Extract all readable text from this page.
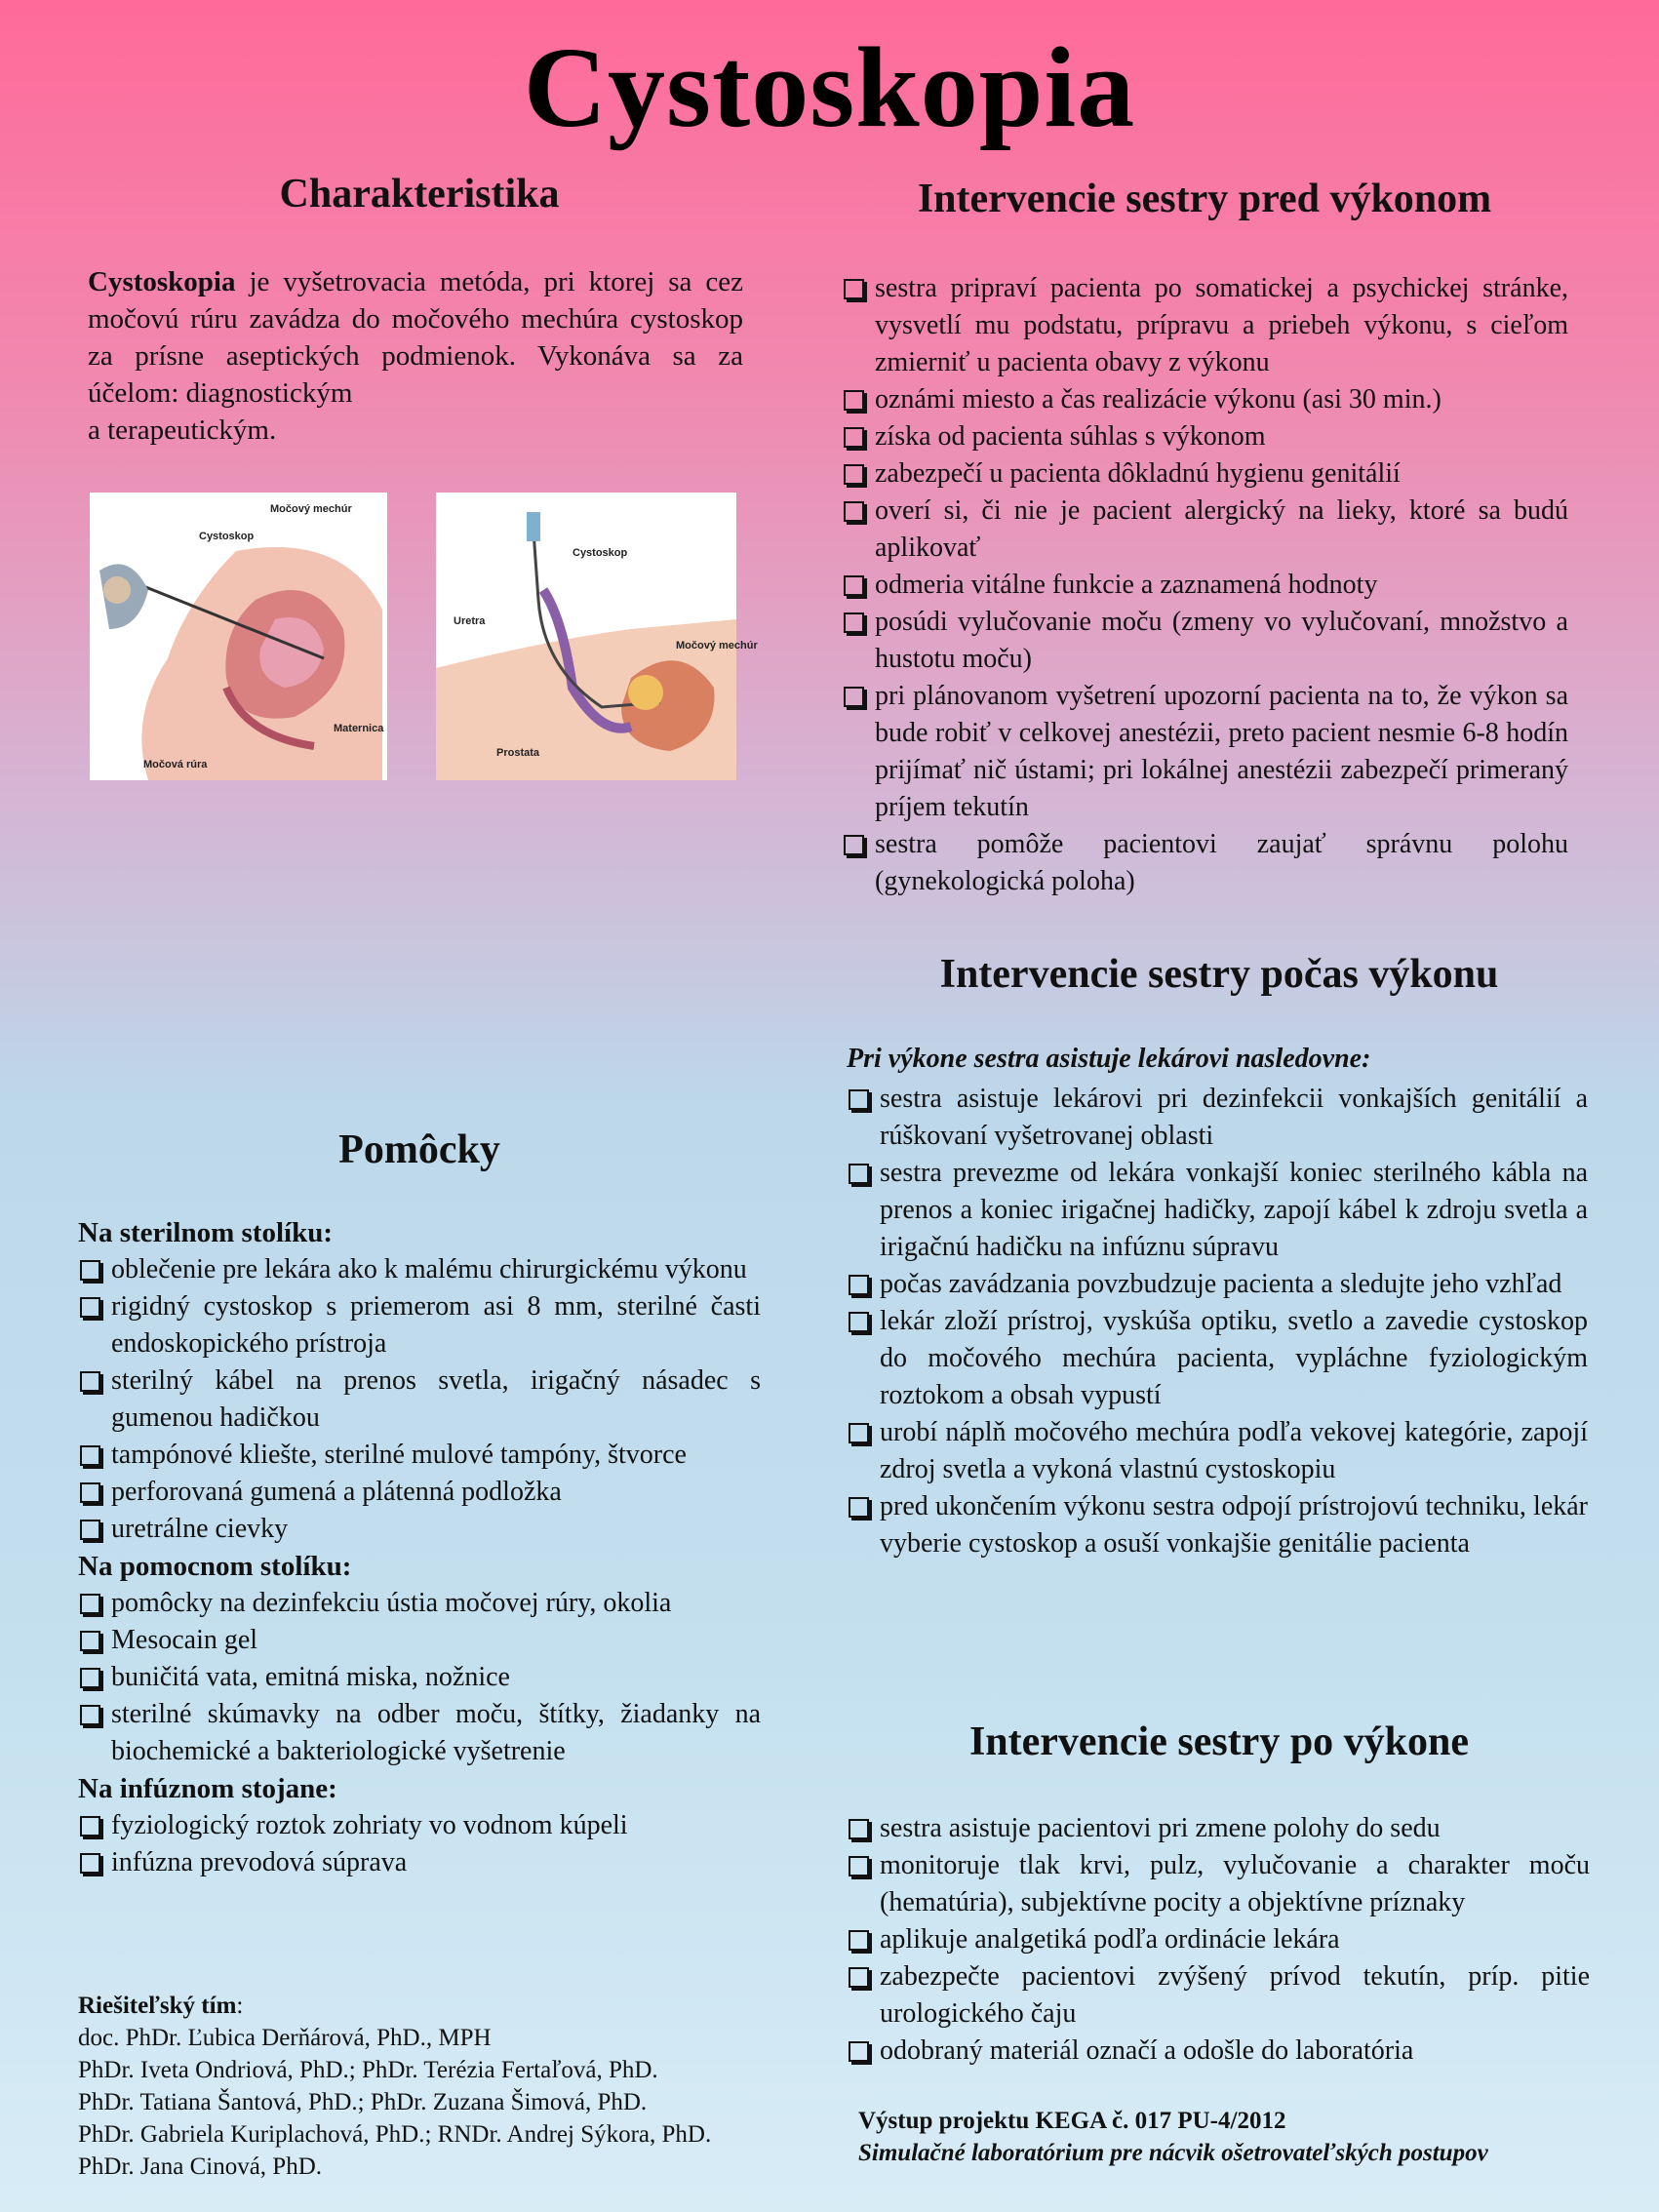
Cystoskopia
Charakteristika
Cystoskopia je vyšetrovacia metóda, pri ktorej sa cez močovú rúru zavádza do močového mechúra cystoskop za prísne aseptických podmienok. Vykonáva sa za účelom: diagnostickým
a terapeutickým.
Močový mechúr
Cystoskop
Maternica
Močová rúra
Cystoskop
Uretra
Močový mechúr
Prostata
Intervencie sestry pred výkonom
sestra pripraví pacienta po somatickej a psychickej stránke, vysvetlí mu podstatu, prípravu a priebeh výkonu, s cieľom zmierniť u pacienta obavy z výkonu
oznámi miesto a čas realizácie výkonu (asi 30 min.)
získa od pacienta súhlas s výkonom
zabezpečí u pacienta dôkladnú hygienu genitálií
overí si, či nie je pacient alergický na lieky, ktoré sa budú aplikovať
odmeria vitálne funkcie a zaznamená hodnoty
posúdi vylučovanie moču (zmeny vo vylučovaní, množstvo a hustotu moču)
pri plánovanom vyšetrení upozorní pacienta na to, že výkon sa bude robiť v celkovej anestézii, preto pacient nesmie 6-8 hodín prijímať nič ústami; pri lokálnej anestézii zabezpečí primeraný príjem tekutín
sestra pomôže pacientovi zaujať správnu polohu (gynekologická poloha)
Intervencie sestry počas výkonu
Pri výkone sestra asistuje lekárovi nasledovne:
sestra asistuje lekárovi pri dezinfekcii vonkajších genitálií a rúškovaní vyšetrovanej oblasti
sestra prevezme od lekára vonkajší koniec sterilného kábla na prenos a koniec irigačnej hadičky, zapojí kábel k zdroju svetla a irigačnú hadičku na infúznu súpravu
počas zavádzania povzbudzuje pacienta a sledujte jeho vzhľad
lekár zloží prístroj, vyskúša optiku, svetlo a zavedie cystoskop do močového mechúra pacienta, vypláchne fyziologickým roztokom a obsah vypustí
urobí náplň močového mechúra podľa vekovej kategórie, zapojí zdroj svetla a vykoná vlastnú cystoskopiu
pred ukončením výkonu sestra odpojí prístrojovú techniku, lekár vyberie cystoskop a osuší vonkajšie genitálie pacienta
Intervencie sestry po výkone
sestra asistuje pacientovi pri zmene polohy do sedu
monitoruje tlak krvi, pulz, vylučovanie a charakter moču (hematúria), subjektívne pocity a objektívne príznaky
aplikuje analgetiká podľa ordinácie lekára
zabezpečte pacientovi zvýšený prívod tekutín, príp. pitie urologického čaju
odobraný materiál označí a odošle do laboratória
Pomôcky
Na sterilnom stolíku:
oblečenie pre lekára ako k malému chirurgickému výkonu
rigidný cystoskop s priemerom asi 8 mm, sterilné časti endoskopického prístroja
sterilný kábel na prenos svetla, irigačný násadec s gumenou hadičkou
tampónové kliešte, sterilné mulové tampóny, štvorce
perforovaná gumená a plátenná podložka
uretrálne cievky
Na pomocnom stolíku:
pomôcky na dezinfekciu ústia močovej rúry, okolia
Mesocain gel
buničitá vata, emitná miska, nožnice
sterilné skúmavky na odber moču, štítky, žiadanky na biochemické a bakteriologické vyšetrenie
Na infúznom stojane:
fyziologický roztok zohriaty vo vodnom kúpeli
infúzna prevodová súprava
Riešiteľský tím:
doc. PhDr. Ľubica Derňárová, PhD., MPH
PhDr. Iveta Ondriová, PhD.; PhDr. Terézia Fertaľová, PhD.
PhDr. Tatiana Šantová, PhD.; PhDr. Zuzana Šimová, PhD.
PhDr. Gabriela Kuriplachová, PhD.; RNDr. Andrej Sýkora, PhD.
PhDr. Jana Cinová, PhD.
Výstup projektu KEGA č. 017 PU-4/2012
Simulačné laboratórium pre nácvik ošetrovateľských postupov
